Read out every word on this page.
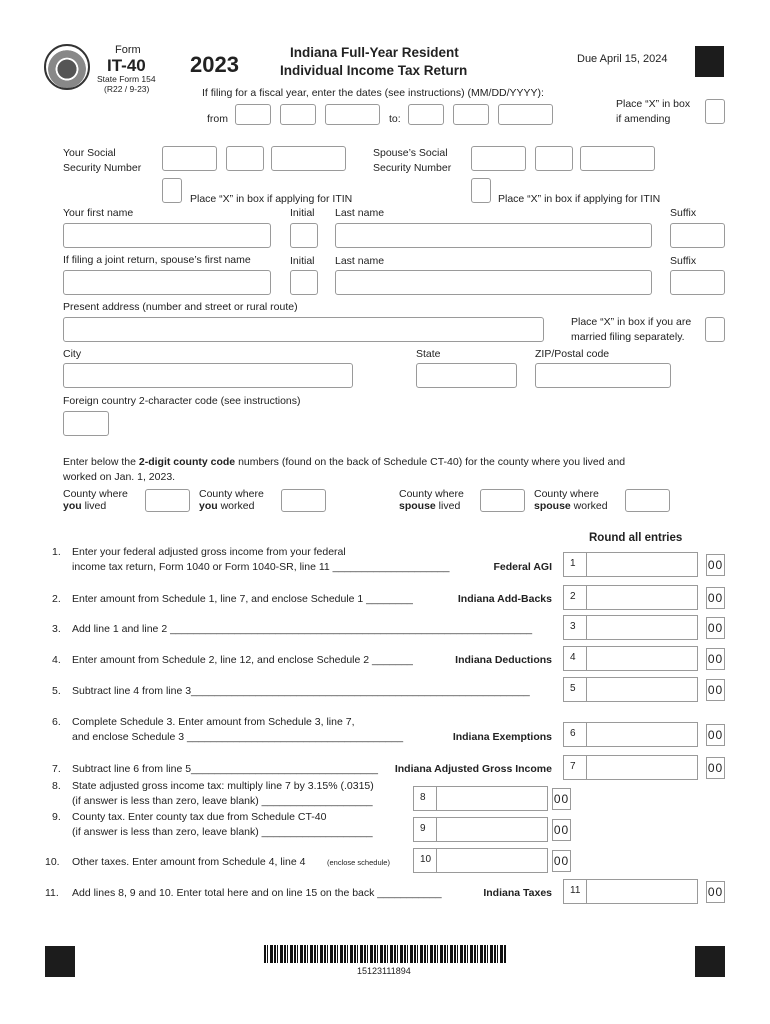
Form
IT-40
State Form 154
(R22 / 9-23)
2023	Indiana Full-Year Resident
Individual Income Tax Return
Due April 15, 2024
If filing for a fiscal year, enter the dates (see instructions) (MM/DD/YYYY):
from	to:
Place “X” in box
if amending
Your Social
Security Number
Spouse’s Social
Security Number
Place “X” in box if applying for ITIN	Place “X” in box if applying for ITIN
Your first name	Initial Last name	Suffix
If filing a joint return, spouse’s first name	Initial Last name	Suffix
Present address (number and street or rural route)
Place “X” in box if you are
married filing separately.
City	State	ZIP/Postal code
Foreign country 2-character code (see instructions)
Enter below the 2-digit county code numbers (found on the back of Schedule CT-40) for the county where you lived and
worked on Jan. 1, 2023.
County where
you lived
County where
you worked
County where
spouse lived
County where
spouse worked
Round all entries
1. Enter your federal adjusted gross income from your federal
income tax return, Form 1040 or Form 1040-SR, line 11 ____________________	Federal AGI 1	00
2. Enter amount from Schedule 1, line 7, and enclose Schedule 1 ________	Indiana Add-Backs 2	00
3. Add line 1 and line 2 ______________________________________________________________	3	00
4. Enter amount from Schedule 2, line 12, and enclose Schedule 2 _______	Indiana Deductions 4	00
5. Subtract line 4 from line 3__________________________________________________________	5	00
6. Complete Schedule 3. Enter amount from Schedule 3, line 7,
and enclose Schedule 3 _____________________________________	Indiana Exemptions 6	00
7. Subtract line 6 from line 5________________________________ Indiana Adjusted Gross Income 7	00
8. State adjusted gross income tax: multiply line 7 by 3.15% (.0315)
(if answer is less than zero, leave blank) ___________________	8	00
9. County tax. Enter county tax due from Schedule CT-40
(if answer is less than zero, leave blank) ___________________	9	00
10. Other taxes. Enter amount from Schedule 4, line 4	(enclose schedule)	10	00
11. Add lines 8, 9 and 10. Enter total here and on line 15 on the back ___________	Indiana Taxes 11	00
15123111894
